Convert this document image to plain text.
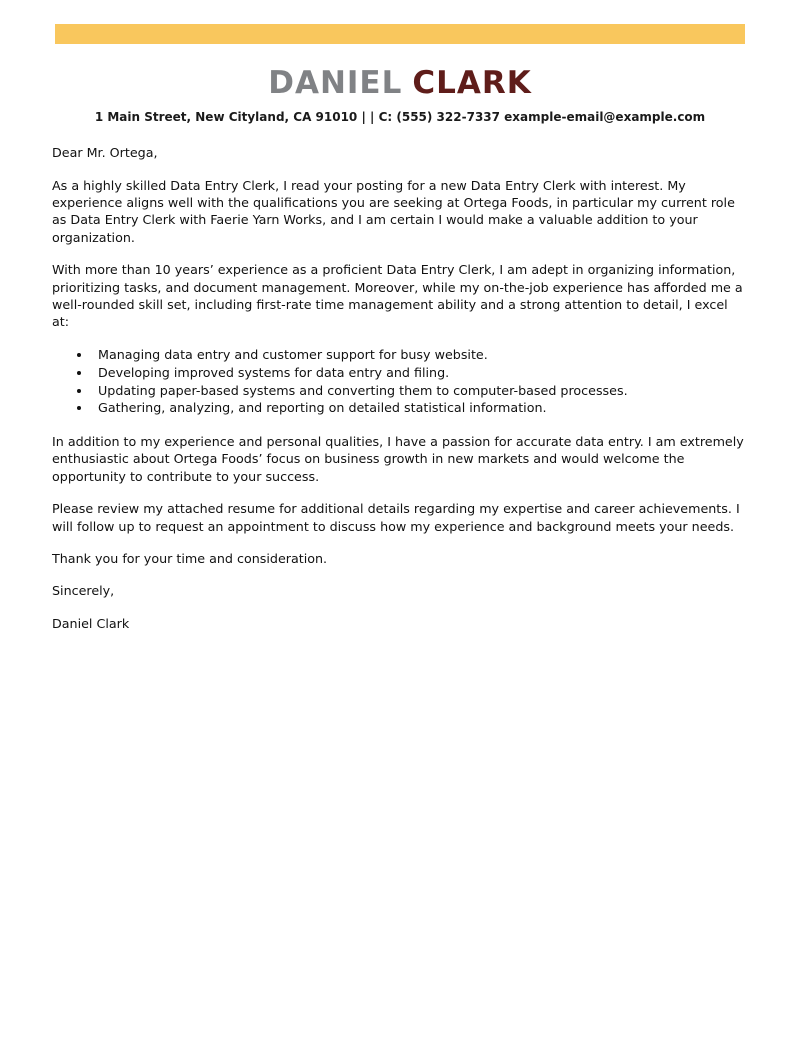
DANIEL CLARK
1 Main Street, New Cityland, CA 91010 | | C: (555) 322-7337 example-email@example.com

Dear Mr. Ortega,

As a highly skilled Data Entry Clerk, I read your posting for a new Data Entry Clerk with interest. My experience aligns well with the qualifications you are seeking at Ortega Foods, in particular my current role as Data Entry Clerk with Faerie Yarn Works, and I am certain I would make a valuable addition to your organization.

With more than 10 years’ experience as a proficient Data Entry Clerk, I am adept in organizing information, prioritizing tasks, and document management. Moreover, while my on-the-job experience has afforded me a well-rounded skill set, including first-rate time management ability and a strong attention to detail, I excel at:

• Managing data entry and customer support for busy website.
• Developing improved systems for data entry and filing.
• Updating paper-based systems and converting them to computer-based processes.
• Gathering, analyzing, and reporting on detailed statistical information.

In addition to my experience and personal qualities, I have a passion for accurate data entry. I am extremely enthusiastic about Ortega Foods’ focus on business growth in new markets and would welcome the opportunity to contribute to your success.

Please review my attached resume for additional details regarding my expertise and career achievements. I will follow up to request an appointment to discuss how my experience and background meets your needs.

Thank you for your time and consideration.

Sincerely,

Daniel Clark
